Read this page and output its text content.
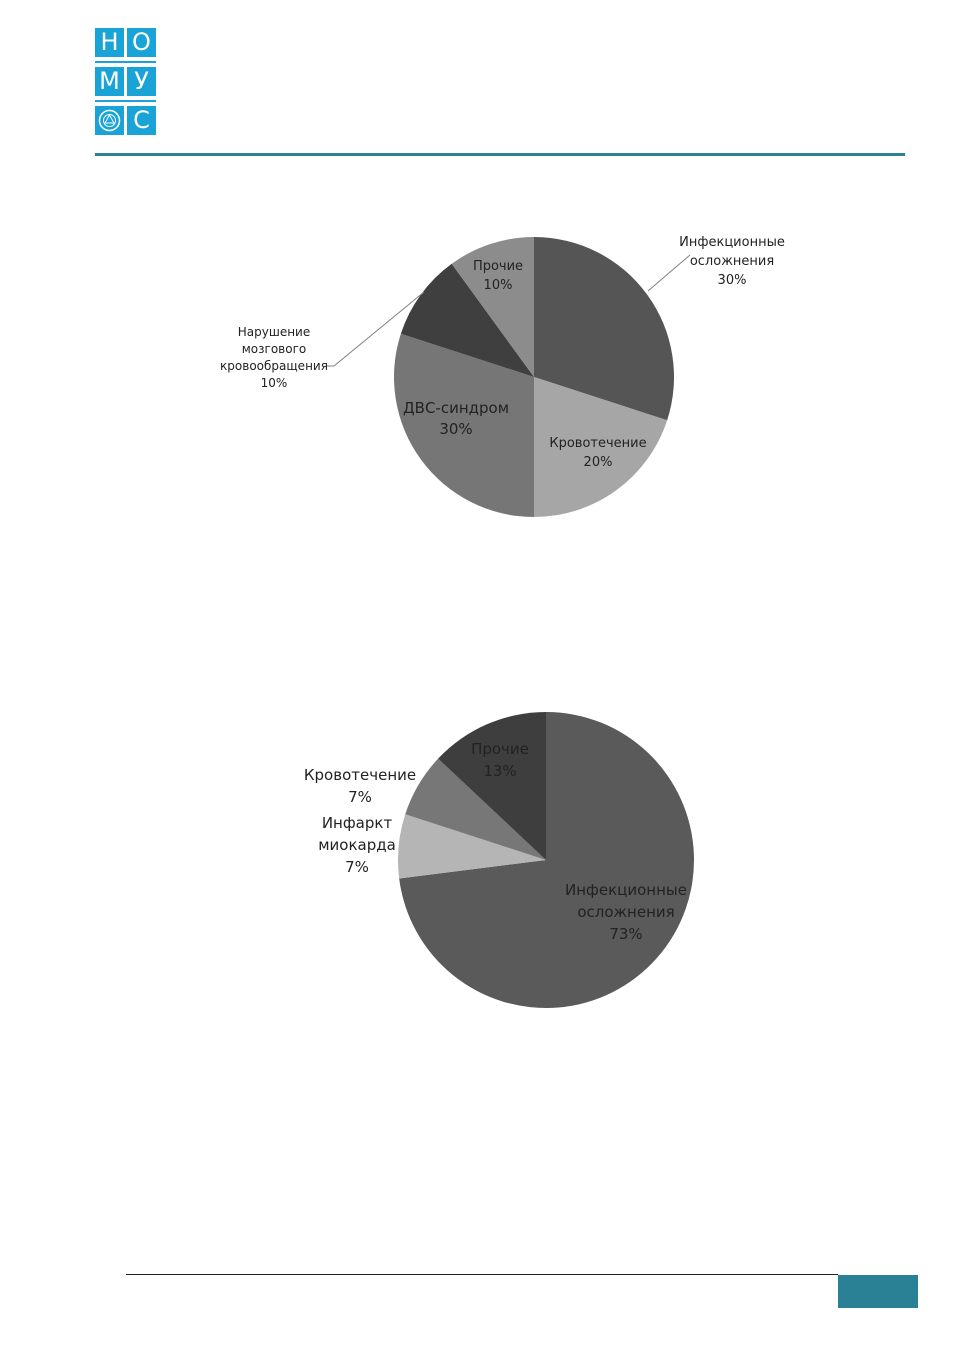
Н О
М У
С
Инфекционные
осложнения
30%
Кровотечение
20%
ДВС-синдром
30%
Нарушение
мозгового
кровообращения
10%
Прочие
10%
Инфекционные
осложнения
73%
Инфаркт
миокарда
7%
Кровотечение
7%
Прочие
13%
